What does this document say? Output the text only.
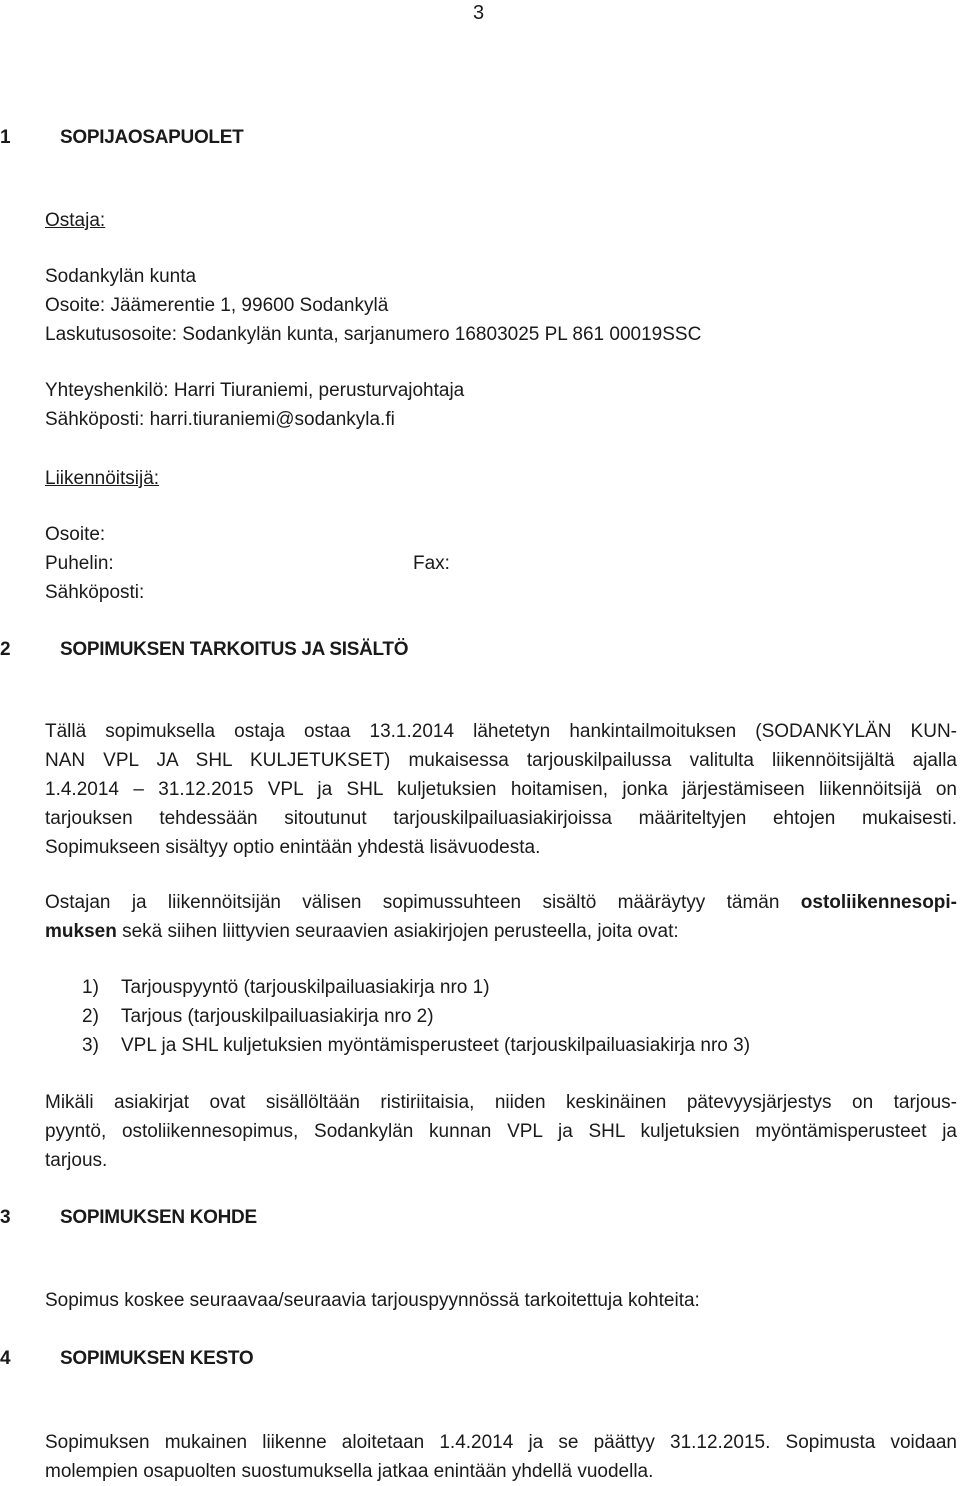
3
1	SOPIJAOSAPUOLET
Ostaja:
Sodankylän kunta
Osoite: Jäämerentie 1, 99600 Sodankylä
Laskutusosoite: Sodankylän kunta, sarjanumero 16803025 PL 861 00019SSC
Yhteyshenkilö: Harri Tiuraniemi, perusturvajohtaja
Sähköposti: harri.tiuraniemi@sodankyla.fi
Liikennöitsijä:
Osoite:
Puhelin:	Fax:
Sähköposti:
2	SOPIMUKSEN TARKOITUS JA SISÄLTÖ
Tällä sopimuksella ostaja ostaa 13.1.2014 lähetetyn hankintailmoituksen (SODANKYLÄN KUN-
NAN VPL JA SHL KULJETUKSET) mukaisessa tarjouskilpailussa valitulta liikennöitsijältä ajalla
1.4.2014 – 31.12.2015 VPL ja SHL kuljetuksien hoitamisen, jonka järjestämiseen liikennöitsijä on
tarjouksen tehdessään sitoutunut tarjouskilpailuasiakirjoissa määriteltyjen ehtojen mukaisesti.
Sopimukseen sisältyy optio enintään yhdestä lisävuodesta.
Ostajan ja liikennöitsijän välisen sopimussuhteen sisältö määräytyy tämän ostoliikennesopi-
muksen sekä siihen liittyvien seuraavien asiakirjojen perusteella, joita ovat:
1) Tarjouspyyntö (tarjouskilpailuasiakirja nro 1)
2) Tarjous (tarjouskilpailuasiakirja nro 2)
3) VPL ja SHL kuljetuksien myöntämisperusteet (tarjouskilpailuasiakirja nro 3)
Mikäli asiakirjat ovat sisällöltään ristiriitaisia, niiden keskinäinen pätevyysjärjestys on tarjous-
pyyntö, ostoliikennesopimus, Sodankylän kunnan VPL ja SHL kuljetuksien myöntämisperusteet ja
tarjous.
3	SOPIMUKSEN KOHDE
Sopimus koskee seuraavaa/seuraavia tarjouspyynnössä tarkoitettuja kohteita:
4	SOPIMUKSEN KESTO
Sopimuksen mukainen liikenne aloitetaan 1.4.2014 ja se päättyy 31.12.2015. Sopimusta voidaan
molempien osapuolten suostumuksella jatkaa enintään yhdellä vuodella.
